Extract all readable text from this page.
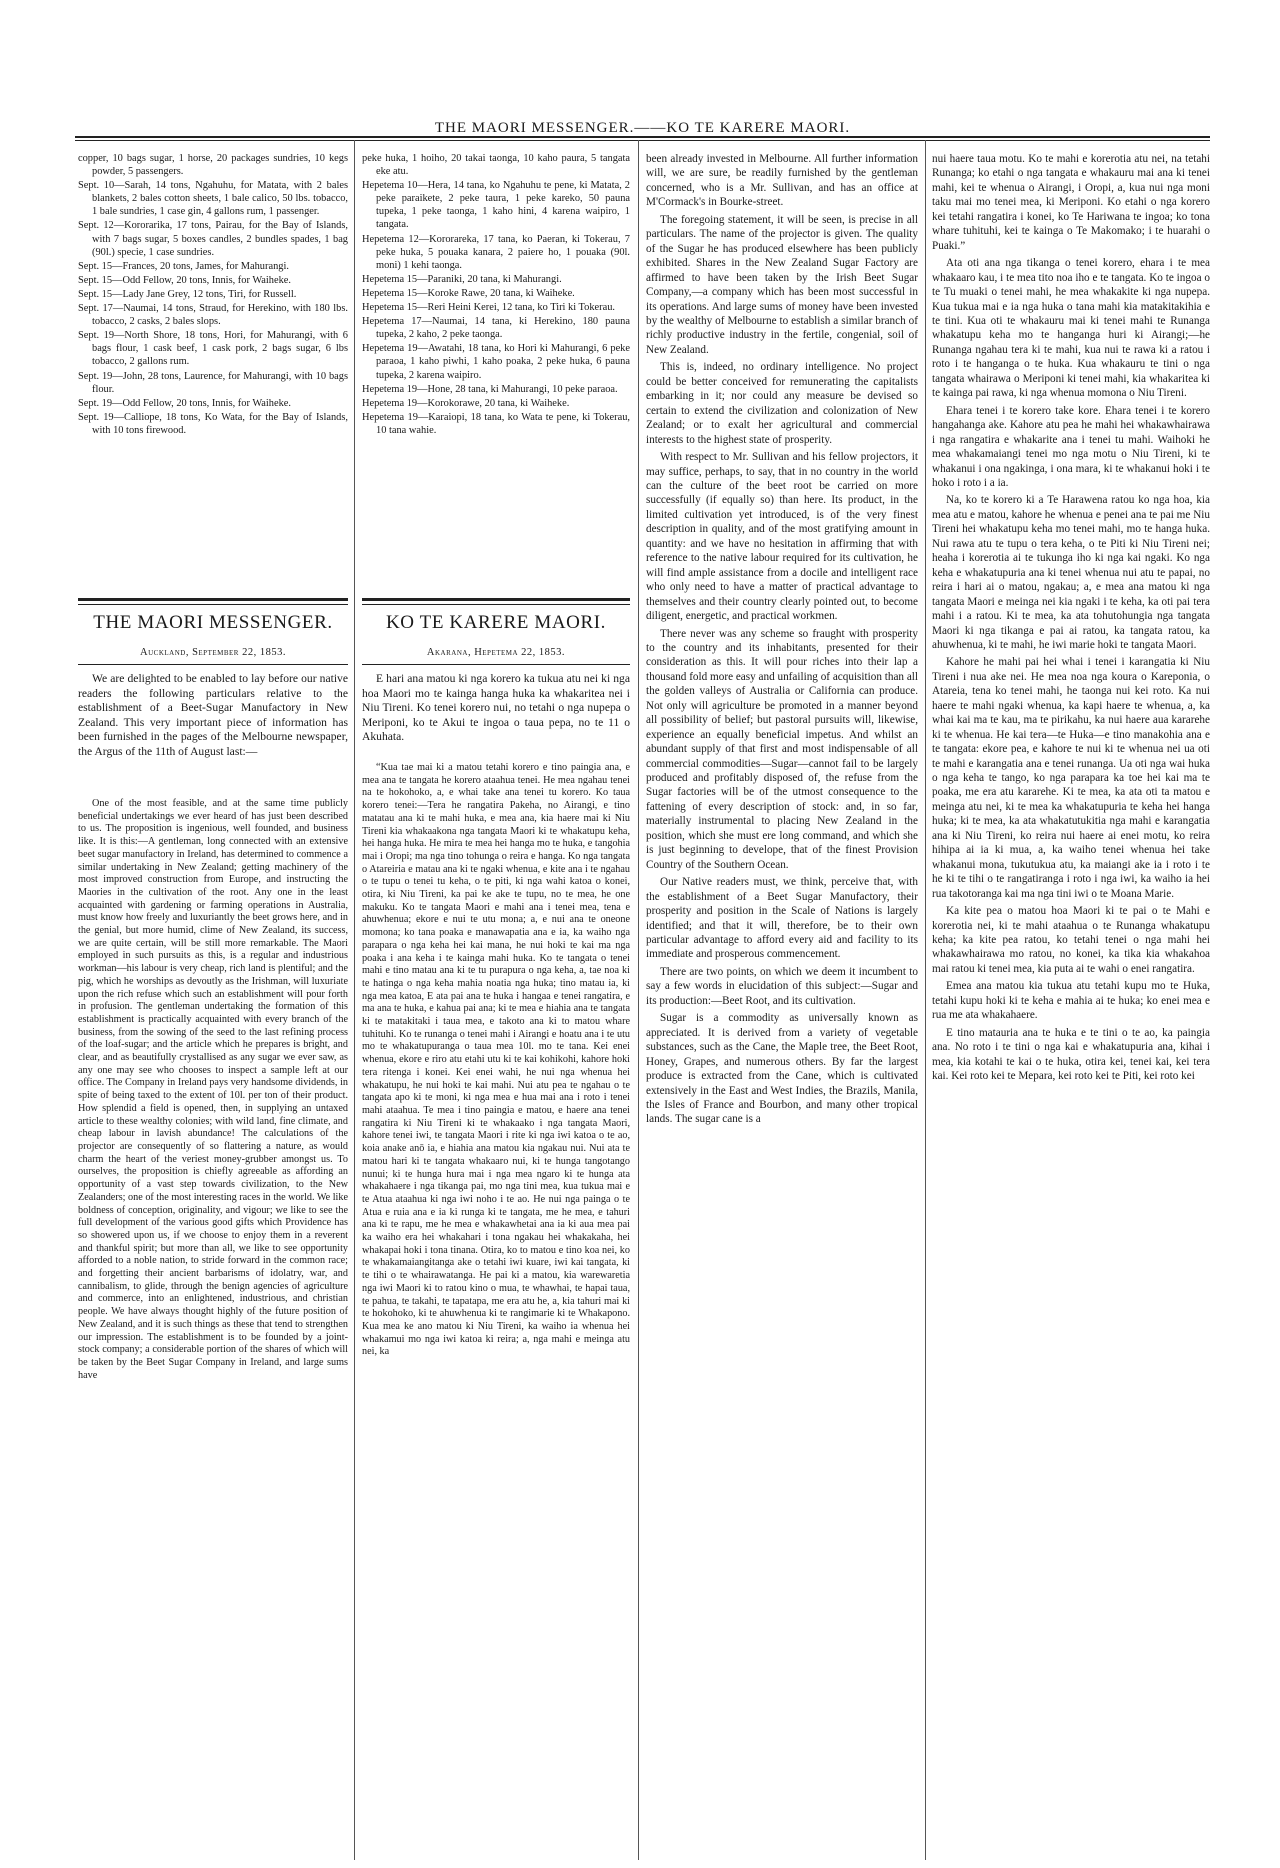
THE MAORI MESSENGER.——KO TE KARERE MAORI.

copper, 10 bags sugar, 1 horse, 20 packages sundries, 10 kegs powder, 5 passengers.

Sept. 10—Sarah, 14 tons, Ngahuhu, for Matata, with 2 bales blankets, 2 bales cotton sheets, 1 bale calico, 50 lbs. tobacco, 1 bale sundries, 1 case gin, 4 gallons rum, 1 passenger.

Sept. 12—Kororarika, 17 tons, Pairau, for the Bay of Islands, with 7 bags sugar, 5 boxes candles, 2 bundles spades, 1 bag (90l.) specie, 1 case sundries.

Sept. 15—Frances, 20 tons, James, for Mahurangi.

Sept. 15—Odd Fellow, 20 tons, Innis, for Waiheke.

Sept. 15—Lady Jane Grey, 12 tons, Tiri, for Russell.

Sept. 17—Naumai, 14 tons, Straud, for Herekino, with 180 lbs. tobacco, 2 casks, 2 bales slops.

Sept. 19—North Shore, 18 tons, Hori, for Mahurangi, with 6 bags flour, 1 cask beef, 1 cask pork, 2 bags sugar, 6 lbs tobacco, 2 gallons rum.

Sept. 19—John, 28 tons, Laurence, for Mahurangi, with 10 bags flour.

Sept. 19—Odd Fellow, 20 tons, Innis, for Waiheke.

Sept. 19—Calliope, 18 tons, Ko Wata, for the Bay of Islands, with 10 tons firewood.

peke huka, 1 hoiho, 20 takai taonga, 10 kaho paura, 5 tangata eke atu.

Hepetema 10—Hera, 14 tana, ko Ngahuhu te pene, ki Matata, 2 peke paraikete, 2 peke taura, 1 peke kareko, 50 pauna tupeka, 1 peke taonga, 1 kaho hini, 4 karena waipiro, 1 tangata.

Hepetema 12—Kororareka, 17 tana, ko Paeran, ki Tokerau, 7 peke huka, 5 pouaka kanara, 2 paiere ho, 1 pouaka (90l. moni) 1 kehi taonga.

Hepetema 15—Paraniki, 20 tana, ki Mahurangi.

Hepetema 15—Koroke Rawe, 20 tana, ki Waiheke.

Hepetema 15—Reri Heini Kerei, 12 tana, ko Tiri ki Tokerau.

Hepetema 17—Naumai, 14 tana, ki Herekino, 180 pauna tupeka, 2 kaho, 2 peke taonga.

Hepetema 19—Awatahi, 18 tana, ko Hori ki Mahurangi, 6 peke paraoa, 1 kaho piwhi, 1 kaho poaka, 2 peke huka, 6 pauna tupeka, 2 karena waipiro.

Hepetema 19—Hone, 28 tana, ki Mahurangi, 10 peke paraoa.

Hepetema 19—Korokorawe, 20 tana, ki Waiheke.

Hepetema 19—Karaiopi, 18 tana, ko Wata te pene, ki Tokerau, 10 tana wahie.

THE MAORI MESSENGER.	KO TE KARERE MAORI.
Auckland, September 22, 1853.	Akarana, Hepetema 22, 1853.

We are delighted to be enabled to lay before our native readers the following particulars relative to the establishment of a Beet-Sugar Manufactory in New Zealand. This very important piece of information has been furnished in the pages of the Melbourne newspaper, the Argus of the 11th of August last:—

E hari ana matou ki nga korero ka tukua atu nei ki nga hoa Maori mo te kainga hanga huka ka whakaritea nei i Niu Tireni. Ko tenei korero nui, no tetahi o nga nupepa o Meriponi, ko te Akui te ingoa o taua pepa, no te 11 o Akuhata.

One of the most feasible, and at the same time publicly beneficial undertakings we ever heard of has just been described to us. The proposition is ingenious, well founded, and business like. It is this:—A gentleman, long connected with an extensive beet sugar manufactory in Ireland, has determined to commence a similar undertaking in New Zealand; getting machinery of the most improved construction from Europe, and instructing the Maories in the cultivation of the root. Any one in the least acquainted with gardening or farming operations in Australia, must know how freely and luxuriantly the beet grows here, and in the genial, but more humid, clime of New Zealand, its success, we are quite certain, will be still more remarkable. The Maori employed in such pursuits as this, is a regular and industrious workman—his labour is very cheap, rich land is plentiful; and the pig, which he worships as devoutly as the Irishman, will luxuriate upon the rich refuse which such an establishment will pour forth in profusion. The gentleman undertaking the formation of this establishment is practically acquainted with every branch of the business, from the sowing of the seed to the last refining process of the loaf-sugar; and the article which he prepares is bright, and clear, and as beautifully crystallised as any sugar we ever saw, as any one may see who chooses to inspect a sample left at our office. The Company in Ireland pays very handsome dividends, in spite of being taxed to the extent of 10l. per ton of their product. How splendid a field is opened, then, in supplying an untaxed article to these wealthy colonies; with wild land, fine climate, and cheap labour in lavish abundance! The calculations of the projector are consequently of so flattering a nature, as would charm the heart of the veriest money-grubber amongst us. To ourselves, the proposition is chiefly agreeable as affording an opportunity of a vast step towards civilization, to the New Zealanders; one of the most interesting races in the world. We like boldness of conception, originality, and vigour; we like to see the full development of the various good gifts which Providence has so showered upon us, if we choose to enjoy them in a reverent and thankful spirit; but more than all, we like to see opportunity afforded to a noble nation, to stride forward in the common race; and forgetting their ancient barbarisms of idolatry, war, and cannibalism, to glide, through the benign agencies of agriculture and commerce, into an enlightened, industrious, and christian people. We have always thought highly of the future position of New Zealand, and it is such things as these that tend to strengthen our impression. The establishment is to be founded by a joint-stock company; a considerable portion of the shares of which will be taken by the Beet Sugar Company in Ireland, and large sums have

“Kua tae mai ki a matou tetahi korero e tino paingia ana, e mea ana te tangata he korero ataahua tenei. He mea ngahau tenei na te hokohoko, a, e whai take ana tenei tu korero. Ko taua korero tenei:—Tera he rangatira Pakeha, no Airangi, e tino matatau ana ki te mahi huka, e mea ana, kia haere mai ki Niu Tireni kia whakaakona nga tangata Maori ki te whakatupu keha, hei hanga huka. He mira te mea hei hanga mo te huka, e tangohia mai i Oropi; ma nga tino tohunga o reira e hanga. Ko nga tangata o Atareiria e matau ana ki te ngaki whenua, e kite ana i te ngahau o te tupu o tenei tu keha, o te piti, ki nga wahi katoa o konei, otira, ki Niu Tireni, ka pai ke ake te tupu, no te mea, he one makuku. Ko te tangata Maori e mahi ana i tenei mea, tena e ahuwhenua; ekore e nui te utu mona; a, e nui ana te oneone momona; ko tana poaka e manawapatia ana e ia, ka waiho nga parapara o nga keha hei kai mana, he nui hoki te kai ma nga poaka i ana keha i te kainga mahi huka. Ko te tangata o tenei mahi e tino matau ana ki te tu purapura o nga keha, a, tae noa ki te hatinga o nga keha mahia noatia nga huka; tino matau ia, ki nga mea katoa, E ata pai ana te huka i hangaa e tenei rangatira, e ma ana te huka, e kahua pai ana; ki te mea e hiahia ana te tangata ki te matakitaki i taua mea, e takoto ana ki to matou whare tuhituhi. Ko te runanga o tenei mahi i Airangi e hoatu ana i te utu mo te whakatupuranga o taua mea 10l. mo te tana. Kei enei whenua, ekore e riro atu etahi utu ki te kai kohikohi, kahore hoki tera ritenga i konei. Kei enei wahi, he nui nga whenua hei whakatupu, he nui hoki te kai mahi. Nui atu pea te ngahau o te tangata apo ki te moni, ki nga mea e hua mai ana i roto i tenei mahi ataahua. Te mea i tino paingia e matou, e haere ana tenei rangatira ki Niu Tireni ki te whakaako i nga tangata Maori, kahore tenei iwi, te tangata Maori i rite ki nga iwi katoa o te ao, koia anake anō ia, e hiahia ana matou kia ngakau nui. Nui ata te matou hari ki te tangata whakaaro nui, ki te hunga tangotango nunui; ki te hunga hura mai i nga mea ngaro ki te hunga ata whakahaere i nga tikanga pai, mo nga tini mea, kua tukua mai e te Atua ataahua ki nga iwi noho i te ao. He nui nga painga o te Atua e ruia ana e ia ki runga ki te tangata, me he mea, e tahuri ana ki te rapu, me he mea e whakawhetai ana ia ki aua mea pai ka waiho era hei whakahari i tona ngakau hei whakakaha, hei whakapai hoki i tona tinana. Otira, ko to matou e tino koa nei, ko te whakamaiangitanga ake o tetahi iwi kuare, iwi kai tangata, ki te tihi o te whairawatanga. He pai ki a matou, kia warewaretia nga iwi Maori ki to ratou kino o mua, te whawhai, te hapai taua, te pahua, te takahi, te tapatapa, me era atu he, a, kia tahuri mai ki te hokohoko, ki te ahuwhenua ki te rangimarie ki te Whakapono. Kua mea ke ano matou ki Niu Tireni, ka waiho ia whenua hei whakamui mo nga iwi katoa ki reira; a, nga mahi e meinga atu nei, ka

been already invested in Melbourne. All further information will, we are sure, be readily furnished by the gentleman concerned, who is a Mr. Sullivan, and has an office at M'Cormack's in Bourke-street.

The foregoing statement, it will be seen, is precise in all particulars. The name of the projector is given. The quality of the Sugar he has produced elsewhere has been publicly exhibited. Shares in the New Zealand Sugar Factory are affirmed to have been taken by the Irish Beet Sugar Company,—a company which has been most successful in its operations. And large sums of money have been invested by the wealthy of Melbourne to establish a similar branch of richly productive industry in the fertile, congenial, soil of New Zealand.

This is, indeed, no ordinary intelligence. No project could be better conceived for remunerating the capitalists embarking in it; nor could any measure be devised so certain to extend the civilization and colonization of New Zealand; or to exalt her agricultural and commercial interests to the highest state of prosperity.

With respect to Mr. Sullivan and his fellow projectors, it may suffice, perhaps, to say, that in no country in the world can the culture of the beet root be carried on more successfully (if equally so) than here. Its product, in the limited cultivation yet introduced, is of the very finest description in quality, and of the most gratifying amount in quantity: and we have no hesitation in affirming that with reference to the native labour required for its cultivation, he will find ample assistance from a docile and intelligent race who only need to have a matter of practical advantage to themselves and their country clearly pointed out, to become diligent, energetic, and practical workmen.

There never was any scheme so fraught with prosperity to the country and its inhabitants, presented for their consideration as this. It will pour riches into their lap a thousand fold more easy and unfailing of acquisition than all the golden valleys of Australia or California can produce. Not only will agriculture be promoted in a manner beyond all possibility of belief; but pastoral pursuits will, likewise, experience an equally beneficial impetus. And whilst an abundant supply of that first and most indispensable of all commercial commodities—Sugar—cannot fail to be largely produced and profitably disposed of, the refuse from the Sugar factories will be of the utmost consequence to the fattening of every description of stock: and, in so far, materially instrumental to placing New Zealand in the position, which she must ere long command, and which she is just beginning to develope, that of the finest Provision Country of the Southern Ocean.

Our Native readers must, we think, perceive that, with the establishment of a Beet Sugar Manufactory, their prosperity and position in the Scale of Nations is largely identified; and that it will, therefore, be to their own particular advantage to afford every aid and facility to its immediate and prosperous commencement.

There are two points, on which we deem it incumbent to say a few words in elucidation of this subject:—Sugar and its production:—Beet Root, and its cultivation.

Sugar is a commodity as universally known as appreciated. It is derived from a variety of vegetable substances, such as the Cane, the Maple tree, the Beet Root, Honey, Grapes, and numerous others. By far the largest produce is extracted from the Cane, which is cultivated extensively in the East and West Indies, the Brazils, Manila, the Isles of France and Bourbon, and many other tropical lands. The sugar cane is a

nui haere taua motu. Ko te mahi e korerotia atu nei, na tetahi Runanga; ko etahi o nga tangata e whakauru mai ana ki tenei mahi, kei te whenua o Airangi, i Oropi, a, kua nui nga moni taku mai mo tenei mea, ki Meriponi. Ko etahi o nga korero kei tetahi rangatira i konei, ko Te Hariwana te ingoa; ko tona whare tuhituhi, kei te kainga o Te Makomako; i te huarahi o Puaki.”

Ata oti ana nga tikanga o tenei korero, ehara i te mea whakaaro kau, i te mea tito noa iho e te tangata. Ko te ingoa o te Tu muaki o tenei mahi, he mea whakakite ki nga nupepa. Kua tukua mai e ia nga huka o tana mahi kia matakitakihia e te tini. Kua oti te whakauru mai ki tenei mahi te Runanga whakatupu keha mo te hanganga huri ki Airangi;—he Runanga ngahau tera ki te mahi, kua nui te rawa ki a ratou i roto i te hanganga o te huka. Kua whakauru te tini o nga tangata whairawa o Meriponi ki tenei mahi, kia whakaritea ki te kainga pai rawa, ki nga whenua momona o Niu Tireni.

Ehara tenei i te korero take kore. Ehara tenei i te korero hangahanga ake. Kahore atu pea he mahi hei whakawhairawa i nga rangatira e whakarite ana i tenei tu mahi. Waihoki he mea whakamaiangi tenei mo nga motu o Niu Tireni, ki te whakanui i ona ngakinga, i ona mara, ki te whakanui hoki i te hoko i roto i a ia.

Na, ko te korero ki a Te Harawena ratou ko nga hoa, kia mea atu e matou, kahore he whenua e penei ana te pai me Niu Tireni hei whakatupu keha mo tenei mahi, mo te hanga huka. Nui rawa atu te tupu o tera keha, o te Piti ki Niu Tireni nei; heaha i korerotia ai te tukunga iho ki nga kai ngaki. Ko nga keha e whakatupuria ana ki tenei whenua nui atu te papai, no reira i hari ai o matou, ngakau; a, e mea ana matou ki nga tangata Maori e meinga nei kia ngaki i te keha, ka oti pai tera mahi i a ratou. Ki te mea, ka ata tohutohungia nga tangata Maori ki nga tikanga e pai ai ratou, ka tangata ratou, ka ahuwhenua, ki te mahi, he iwi marie hoki te tangata Maori.

Kahore he mahi pai hei whai i tenei i karangatia ki Niu Tireni i nua ake nei. He mea noa nga koura o Kareponia, o Atareia, tena ko tenei mahi, he taonga nui kei roto. Ka nui haere te mahi ngaki whenua, ka kapi haere te whenua, a, ka whai kai ma te kau, ma te pirikahu, ka nui haere aua kararehe ki te whenua. He kai tera—te Huka—e tino manakohia ana e te tangata: ekore pea, e kahore te nui ki te whenua nei ua oti te mahi e karangatia ana e tenei runanga. Ua oti nga wai huka o nga keha te tango, ko nga parapara ka toe hei kai ma te poaka, me era atu kararehe. Ki te mea, ka ata oti ta matou e meinga atu nei, ki te mea ka whakatupuria te keha hei hanga huka; ki te mea, ka ata whakatutukitia nga mahi e karangatia ana ki Niu Tireni, ko reira nui haere ai enei motu, ko reira hihipa ai ia ki mua, a, ka waiho tenei whenua hei take whakanui mona, tukutukua atu, ka maiangi ake ia i roto i te he ki te tihi o te rangatiranga i roto i nga iwi, ka waiho ia hei rua takotoranga kai ma nga tini iwi o te Moana Marie.

Ka kite pea o matou hoa Maori ki te pai o te Mahi e korerotia nei, ki te mahi ataahua o te Runanga whakatupu keha; ka kite pea ratou, ko tetahi tenei o nga mahi hei whakawhairawa mo ratou, no konei, ka tika kia whakahoa mai ratou ki tenei mea, kia puta ai te wahi o enei rangatira.

Emea ana matou kia tukua atu tetahi kupu mo te Huka, tetahi kupu hoki ki te keha e mahia ai te huka; ko enei mea e rua me ata whakahaere.

E tino matauria ana te huka e te tini o te ao, ka paingia ana. No roto i te tini o nga kai e whakatupuria ana, kihai i mea, kia kotahi te kai o te huka, otira kei, tenei kai, kei tera kai. Kei roto kei te Mepara, kei roto kei te Piti, kei roto kei
